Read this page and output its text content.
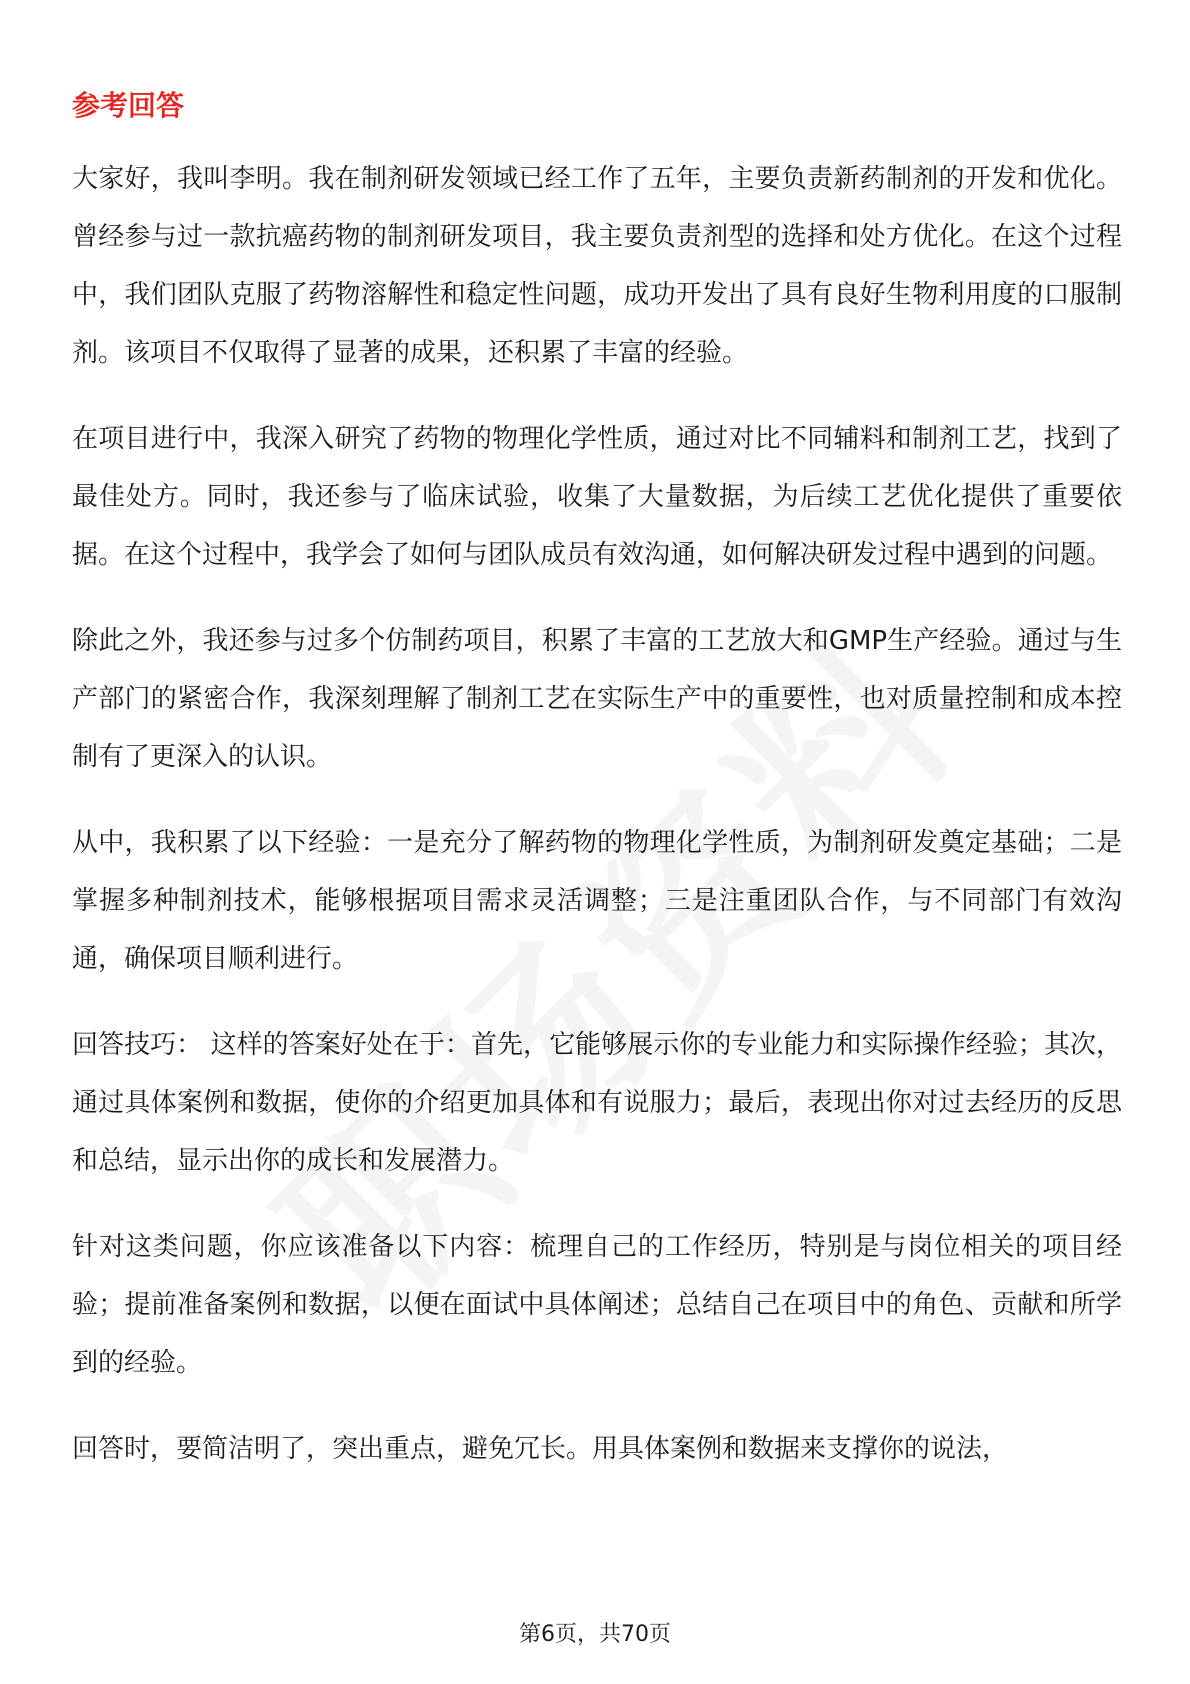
参考回答

大家好，我叫李明。我在制剂研发领域已经工作了五年，主要负责新药制剂的开发和优化。曾经参与过一款抗癌药物的制剂研发项目，我主要负责剂型的选择和处方优化。在这个过程中，我们团队克服了药物溶解性和稳定性问题，成功开发出了具有良好生物利用度的口服制剂。该项目不仅取得了显著的成果，还积累了丰富的经验。

在项目进行中，我深入研究了药物的物理化学性质，通过对比不同辅料和制剂工艺，找到了最佳处方。同时，我还参与了临床试验，收集了大量数据，为后续工艺优化提供了重要依据。在这个过程中，我学会了如何与团队成员有效沟通，如何解决研发过程中遇到的问题。

除此之外，我还参与过多个仿制药项目，积累了丰富的工艺放大和GMP生产经验。通过与生产部门的紧密合作，我深刻理解了制剂工艺在实际生产中的重要性，也对质量控制和成本控制有了更深入的认识。

从中，我积累了以下经验：一是充分了解药物的物理化学性质，为制剂研发奠定基础；二是掌握多种制剂技术，能够根据项目需求灵活调整；三是注重团队合作，与不同部门有效沟通，确保项目顺利进行。

回答技巧： 这样的答案好处在于：首先，它能够展示你的专业能力和实际操作经验；其次，通过具体案例和数据，使你的介绍更加具体和有说服力；最后，表现出你对过去经历的反思和总结，显示出你的成长和发展潜力。

针对这类问题，你应该准备以下内容：梳理自己的工作经历，特别是与岗位相关的项目经验；提前准备案例和数据，以便在面试中具体阐述；总结自己在项目中的角色、贡献和所学到的经验。

回答时，要简洁明了，突出重点，避免冗长。用具体案例和数据来支撑你的说法，

第6页，共70页
